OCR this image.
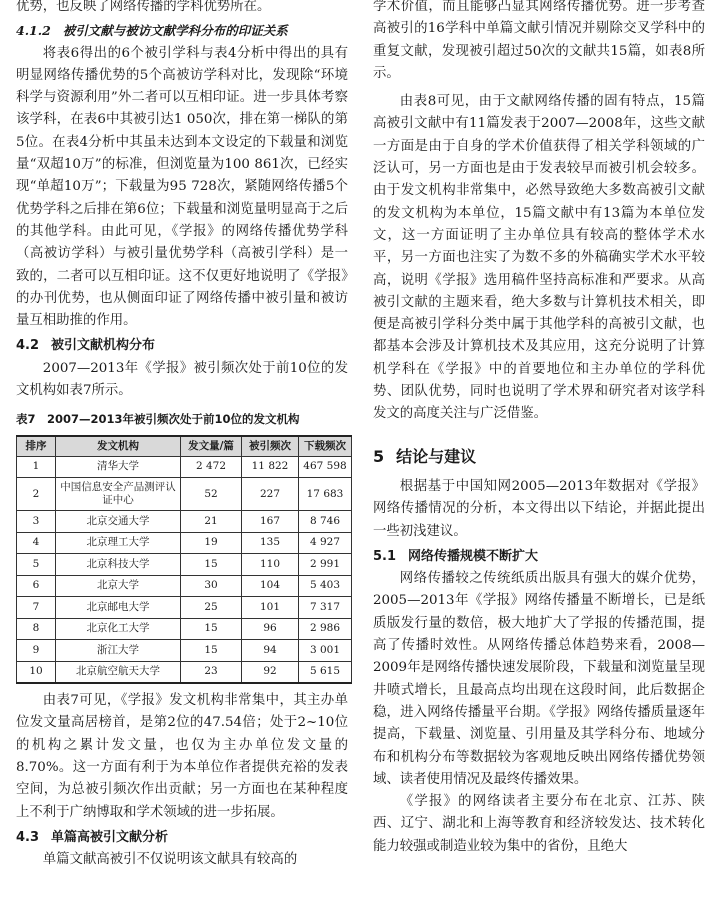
优势，也反映了网络传播的学科优势所在。

4.1.2 被引文献与被访文献学科分布的印证关系

将表6得出的6个被引学科与表4分析中得出的具有明显网络传播优势的5个高被访学科对比，发现除“环境科学与资源利用”外二者可以互相印证。进一步具体考察该学科，在表6中其被引达1 050次，排在第一梯队的第5位。在表4分析中其虽未达到本文设定的下载量和浏览量“双超10万”的标准，但浏览量为100 861次，已经实现“单超10万”；下载量为95 728次，紧随网络传播5个优势学科之后排在第6位；下载量和浏览量明显高于之后的其他学科。由此可见，《学报》的网络传播优势学科（高被访学科）与被引量优势学科（高被引学科）是一致的，二者可以互相印证。这不仅更好地说明了《学报》的办刊优势，也从侧面印证了网络传播中被引量和被访量互相助推的作用。

4.2 被引文献机构分布

2007—2013年《学报》被引频次处于前10位的发文机构如表7所示。

表7　2007—2013年被引频次处于前10位的发文机构

排序	发文机构	发文量/篇	被引频次	下载频次
1	清华大学	2 472	11 822	467 598
2	中国信息安全产品测评认证中心	52	227	17 683
3	北京交通大学	21	167	8 746
4	北京理工大学	19	135	4 927
5	北京科技大学	15	110	2 991
6	北京大学	30	104	5 403
7	北京邮电大学	25	101	7 317
8	北京化工大学	15	96	2 986
9	浙江大学	15	94	3 001
10	北京航空航天大学	23	92	5 615

由表7可见，《学报》发文机构非常集中，其主办单位发文量高居榜首，是第2位的47.54倍；处于2~10位的机构之累计发文量，也仅为主办单位发文量的8.70%。这一方面有利于为本单位作者提供充裕的发表空间，为总被引频次作出贡献；另一方面也在某种程度上不利于广纳博取和学术领域的进一步拓展。

4.3 单篇高被引文献分析

单篇文献高被引不仅说明该文献具有较高的

学术价值，而且能够凸显其网络传播优势。进一步考查高被引的16学科中单篇文献引情况并剔除交叉学科中的重复文献，发现被引超过50次的文献共15篇，如表8所示。

由表8可见，由于文献网络传播的固有特点，15篇高被引文献中有11篇发表于2007—2008年，这些文献一方面是由于自身的学术价值获得了相关学科领域的广泛认可，另一方面也是由于发表较早而被引机会较多。由于发文机构非常集中，必然导致绝大多数高被引文献的发文机构为本单位，15篇文献中有13篇为本单位发文，这一方面证明了主办单位具有较高的整体学术水平，另一方面也注实了为数不多的外稿确实学术水平较高，说明《学报》选用稿件坚持高标准和严要求。从高被引文献的主题来看，绝大多数与计算机技术相关，即便是高被引学科分类中属于其他学科的高被引文献，也都基本会涉及计算机技术及其应用，这充分说明了计算机学科在《学报》中的首要地位和主办单位的学科优势、团队优势，同时也说明了学术界和研究者对该学科发文的高度关注与广泛借鉴。

5 结论与建议

根据基于中国知网2005—2013年数据对《学报》网络传播情况的分析，本文得出以下结论，并据此提出一些初浅建议。

5.1 网络传播规模不断扩大

网络传播较之传统纸质出版具有强大的媒介优势，2005—2013年《学报》网络传播量不断增长，已是纸质版发行量的数倍，极大地扩大了学报的传播范围，提高了传播时效性。从网络传播总体趋势来看，2008—2009年是网络传播快速发展阶段，下载量和浏览量呈现井喷式增长，且最高点均出现在这段时间，此后数据企稳，进入网络传播量平台期。《学报》网络传播质量逐年提高，下载量、浏览量、引用量及其学科分布、地域分布和机构分布等数据较为客观地反映出网络传播优势领域、读者使用情况及最终传播效果。

《学报》的网络读者主要分布在北京、江苏、陕西、辽宁、湖北和上海等教育和经济较发达、技术转化能力较强或制造业较为集中的省份，且绝大
